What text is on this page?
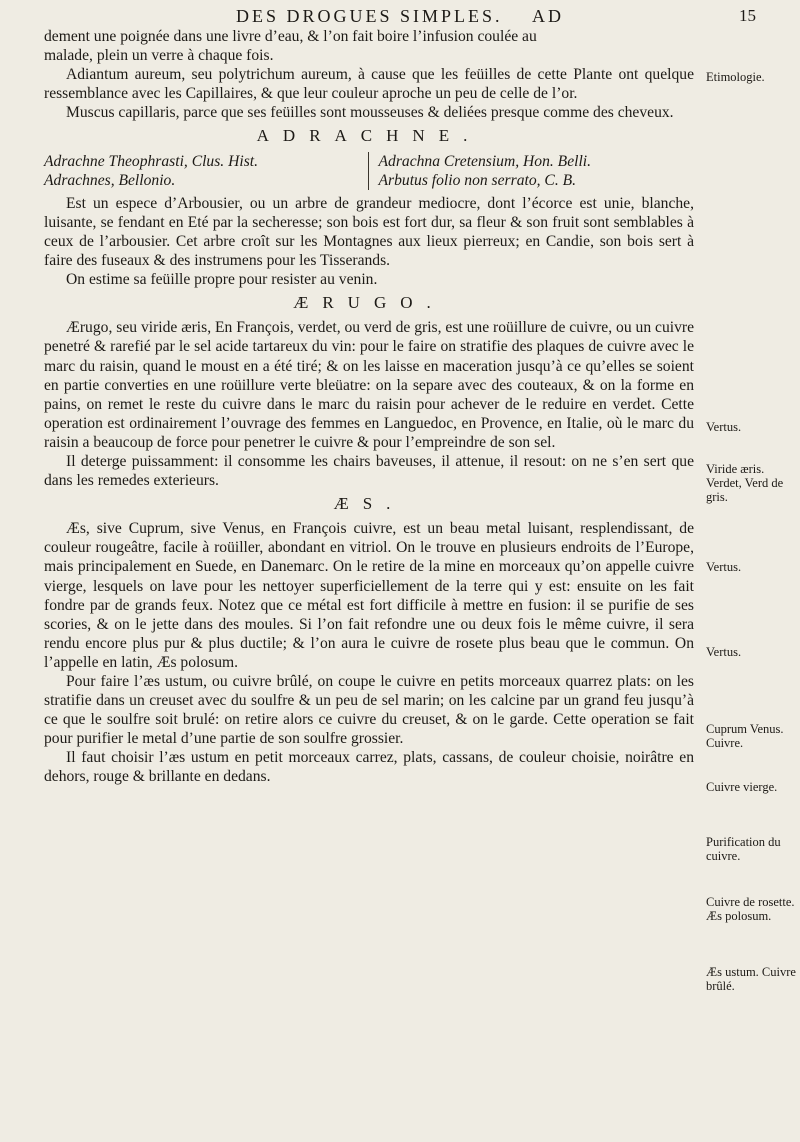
DES DROGUES SIMPLES. AD	15

dement une poignée dans une livre d’eau, & l’on fait boire l’infusion coulée au

malade, plein un verre à chaque fois.

Adiantum aureum, seu polytrichum aureum, à cause que les feüilles de cette Plante ont quelque ressemblance avec les Capillaires, & que leur couleur aproche un peu de celle de l’or.

Muscus capillaris, parce que ses feüilles sont mousseuses & deliées presque comme des cheveux.

ADRACHNE.
Adrachne Theophrasti, Clus. Hist.
Adrachnes, Bellonio.
Adrachna Cretensium, Hon. Belli.
Arbutus folio non serrato, C. B.

Est un espece d’Arbousier, ou un arbre de grandeur mediocre, dont l’écorce est unie, blanche, luisante, se fendant en Eté par la secheresse; son bois est fort dur, sa fleur & son fruit sont semblables à ceux de l’arbousier. Cet arbre croît sur les Montagnes aux lieux pierreux; en Candie, son bois sert à faire des fuseaux & des instrumens pour les Tisserands.

On estime sa feüille propre pour resister au venin.

ÆRUGO.

Ærugo, seu viride æris, En François, verdet, ou verd de gris, est une roüillure de cuivre, ou un cuivre penetré & rarefié par le sel acide tartareux du vin: pour le faire on stratifie des plaques de cuivre avec le marc du raisin, quand le moust en a été tiré; & on les laisse en maceration jusqu’à ce qu’elles se soient en partie converties en une roüillure verte bleüatre: on la separe avec des couteaux, & on la forme en pains, on remet le reste du cuivre dans le marc du raisin pour achever de le reduire en verdet. Cette operation est ordinairement l’ouvrage des femmes en Languedoc, en Provence, en Italie, où le marc du raisin a beaucoup de force pour penetrer le cuivre & pour l’empreindre de son sel.

Il deterge puissamment: il consomme les chairs baveuses, il attenue, il resout: on ne s’en sert que dans les remedes exterieurs.

ÆS.

Æs, sive Cuprum, sive Venus, en François cuivre, est un beau metal luisant, resplendissant, de couleur rougeâtre, facile à roüiller, abondant en vitriol. On le trouve en plusieurs endroits de l’Europe, mais principalement en Suede, en Danemarc. On le retire de la mine en morceaux qu’on appelle cuivre vierge, lesquels on lave pour les nettoyer superficiellement de la terre qui y est: ensuite on les fait fondre par de grands feux. Notez que ce métal est fort difficile à mettre en fusion: il se purifie de ses scories, & on le jette dans des moules. Si l’on fait refondre une ou deux fois le même cuivre, il sera rendu encore plus pur & plus ductile; & l’on aura le cuivre de rosete plus beau que le commun. On l’appelle en latin, Æs polosum.

Pour faire l’æs ustum, ou cuivre brûlé, on coupe le cuivre en petits morceaux quarrez plats: on les stratifie dans un creuset avec du soulfre & un peu de sel marin; on les calcine par un grand feu jusqu’à ce que le soulfre soit brulé: on retire alors ce cuivre du creuset, & on le garde. Cette operation se fait pour purifier le metal d’une partie de son soulfre grossier.

Il faut choisir l’æs ustum en petit morceaux carrez, plats, cassans, de couleur choisie, noirâtre en dehors, rouge & brillante en dedans.

Etimologie.
Vertus.
Viride æris. Verdet, Verd de gris.
Vertus.
Vertus.
Cuprum Venus. Cuivre.
Cuivre vierge.
Purification du cuivre.
Cuivre de rosette. Æs polosum.
Æs ustum. Cuivre brûlé.
